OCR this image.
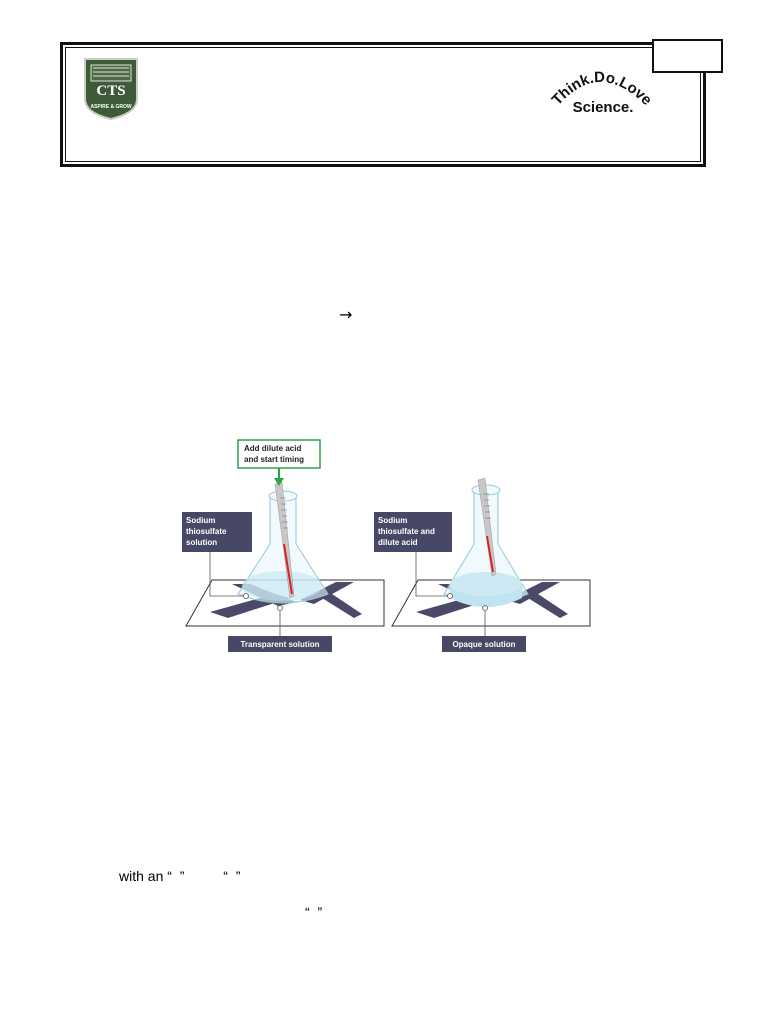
CTS
ASPIRE & GROW	Think.Do.Love
Science.
→
Add dilute acid
and start timing
Sodium
thiosulfate
solution
Transparent solution
Sodium
thiosulfate and
dilute acid
Opaque solution
with an “  ”          “  ”
“  ”
